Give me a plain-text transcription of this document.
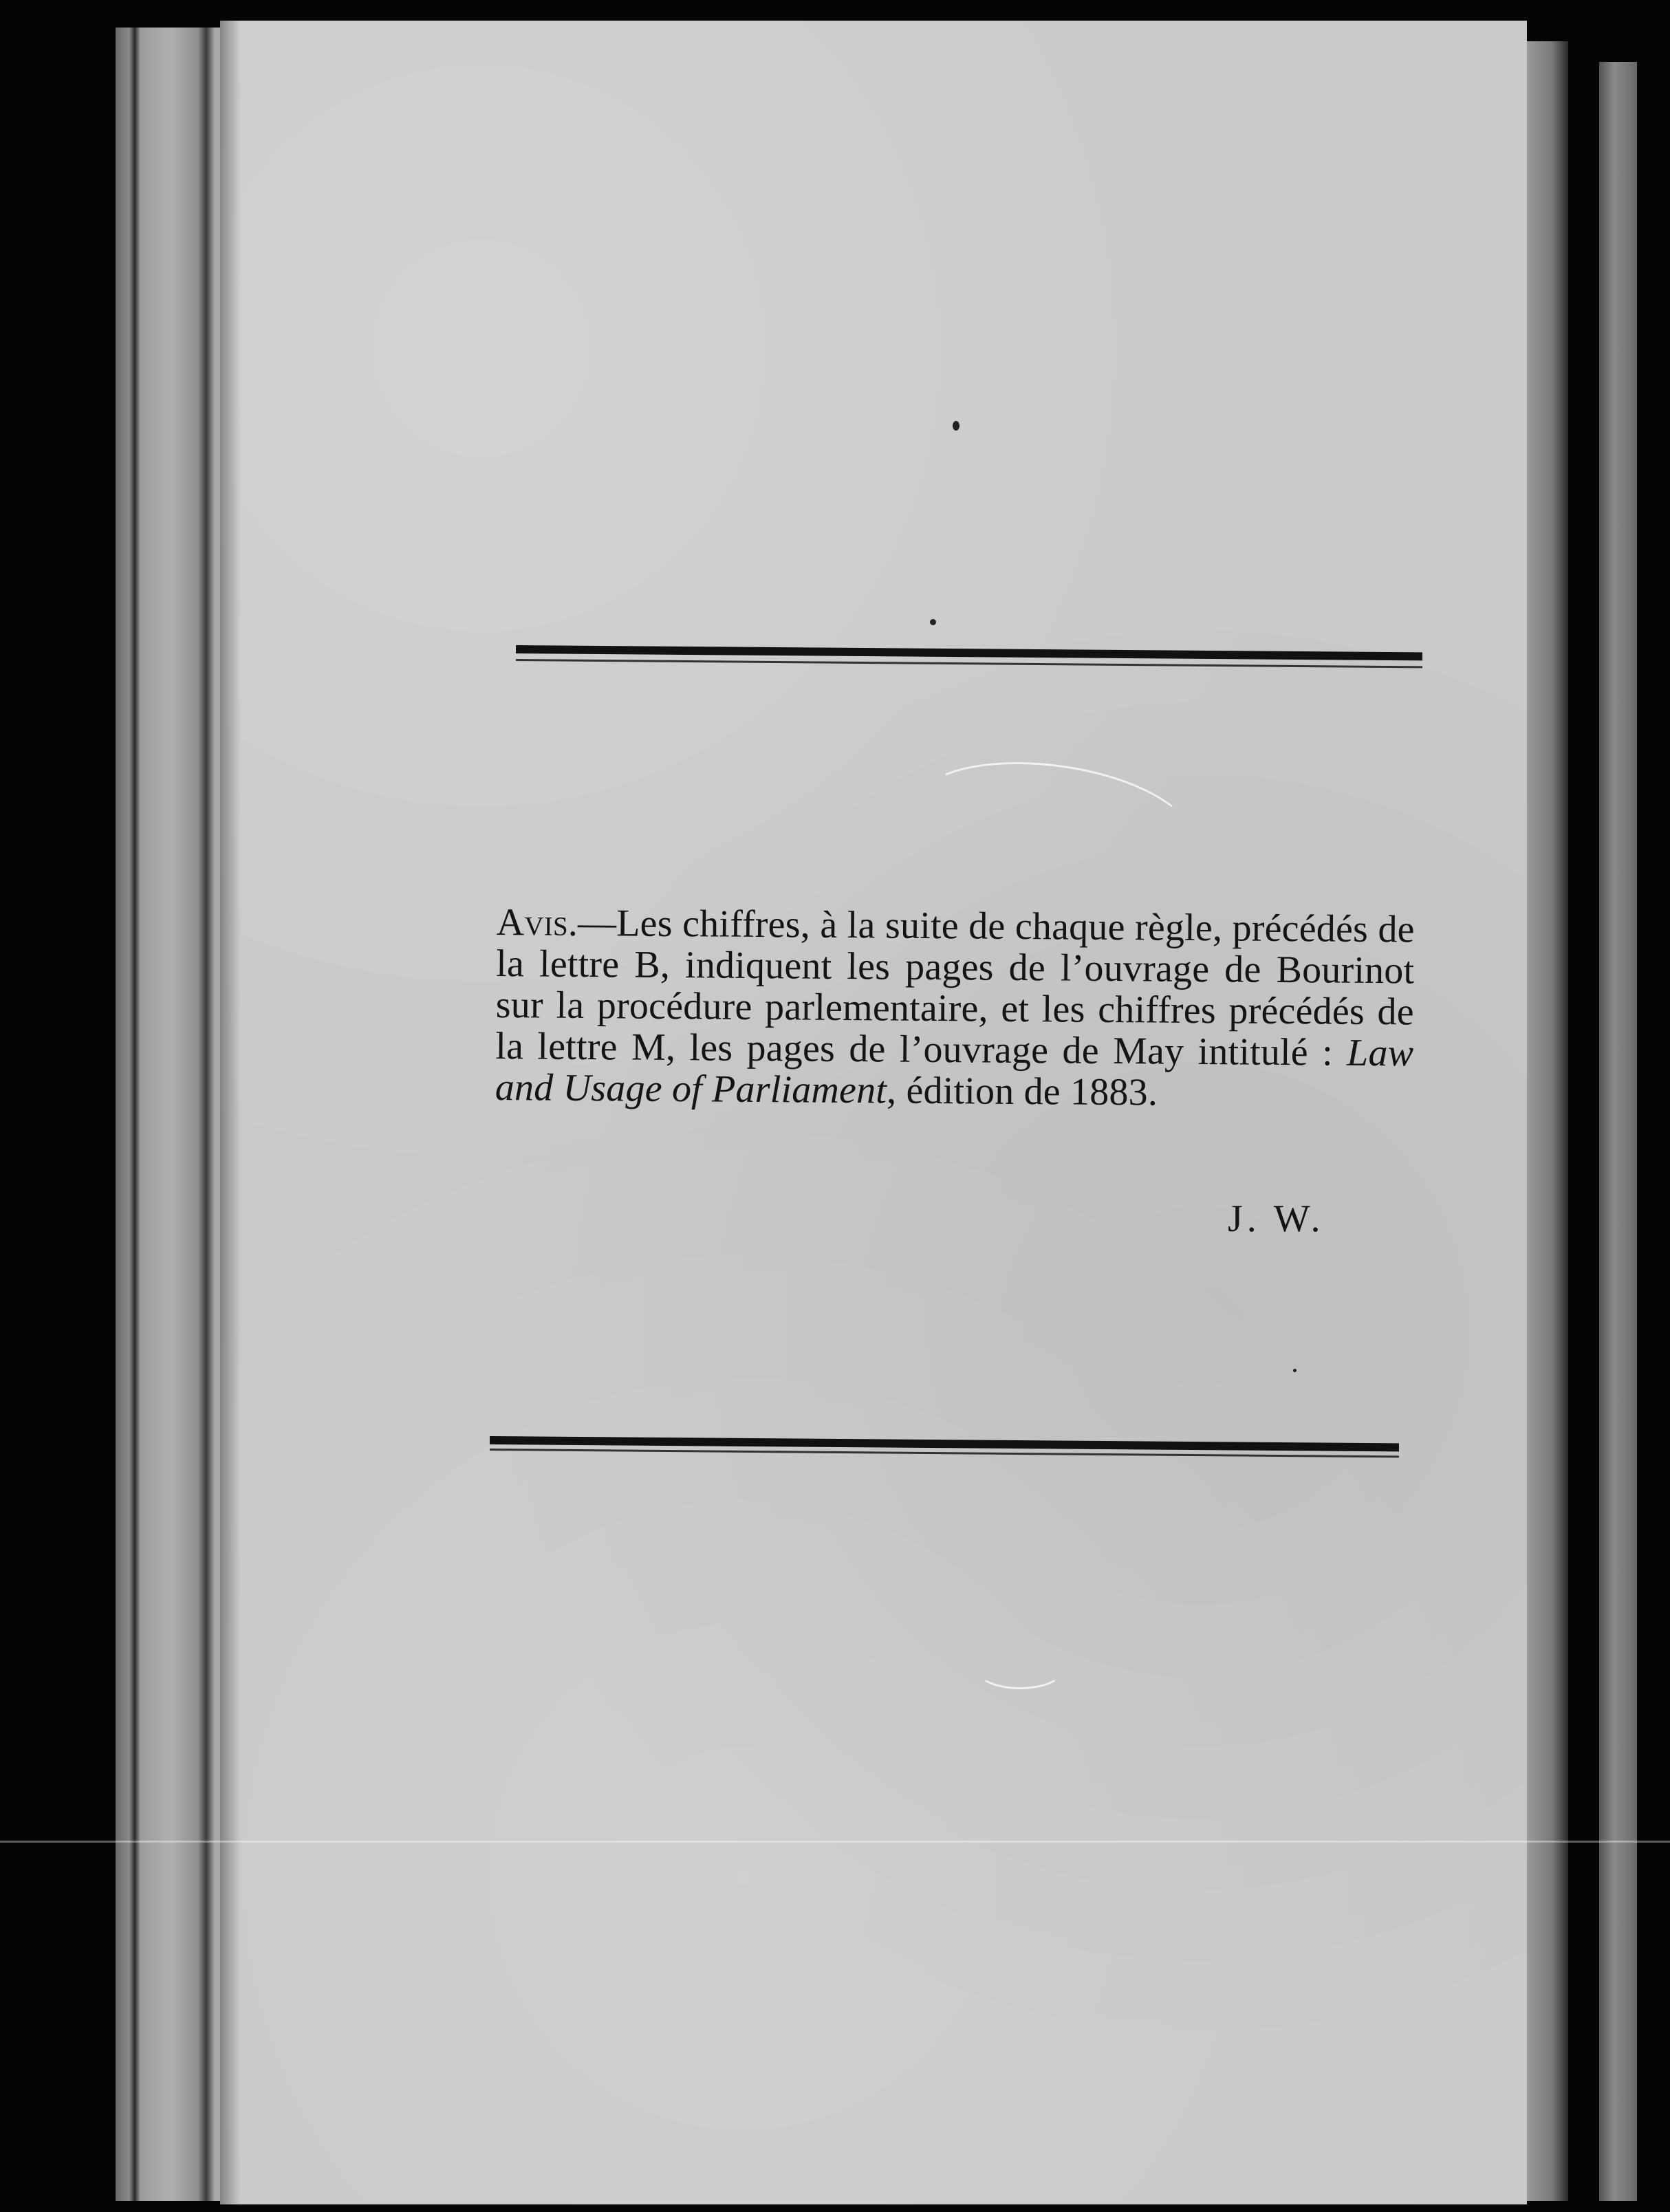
Avis.—Les chiffres, à la suite de chaque règle, précédés de la lettre B, indiquent les pages de l’ouvrage de Bourinot sur la procédure parlementaire, et les chiffres précédés de la lettre M, les pages de l’ouvrage de May intitulé : Law and Usage of Parliament, édition de 1883.

J. W.
